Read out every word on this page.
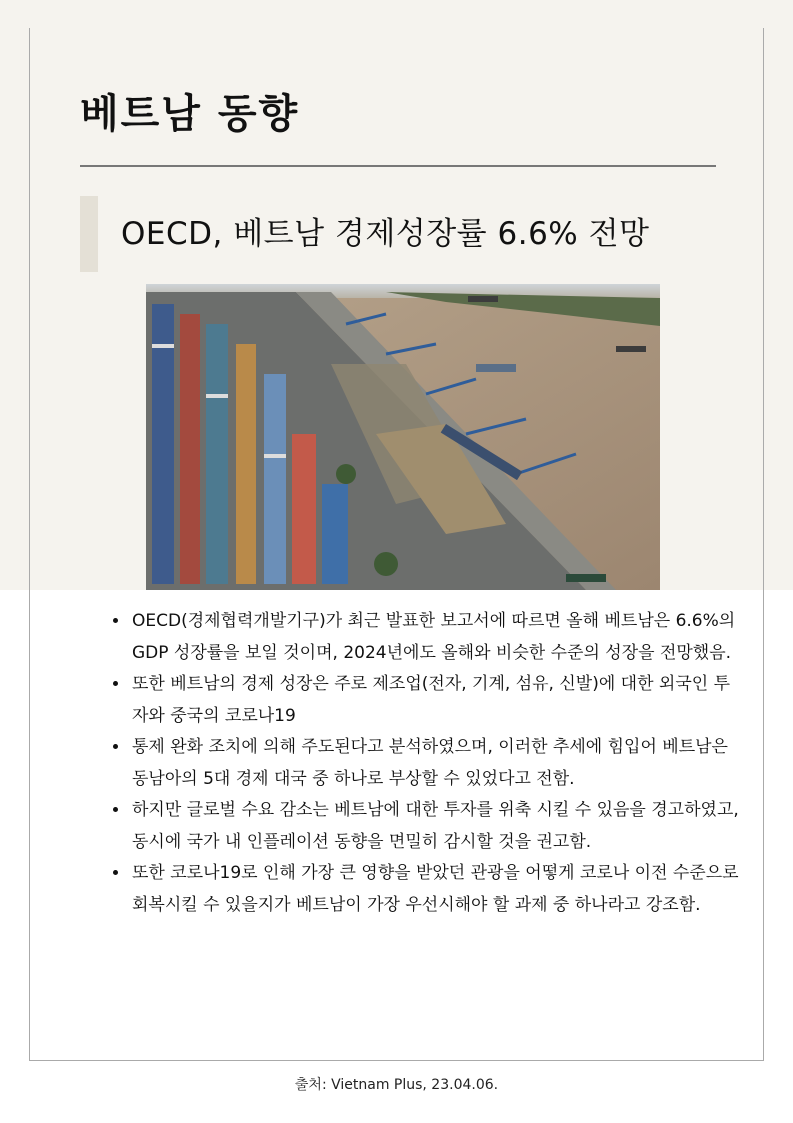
베트남 동향
OECD, 베트남 경제성장률 6.6% 전망
• OECD(경제협력개발기구)가 최근 발표한 보고서에 따르면 올해 베트남은 6.6%의 GDP 성장률을 보일 것이며, 2024년에도 올해와 비슷한 수준의 성장을 전망했음.
• 또한 베트남의 경제 성장은 주로 제조업(전자, 기계, 섬유, 신발)에 대한 외국인 투자와 중국의 코로나19
• 통제 완화 조치에 의해 주도된다고 분석하였으며, 이러한 추세에 힘입어 베트남은 동남아의 5대 경제 대국 중 하나로 부상할 수 있었다고 전함.
• 하지만 글로벌 수요 감소는 베트남에 대한 투자를 위축 시킬 수 있음을 경고하였고, 동시에 국가 내 인플레이션 동향을 면밀히 감시할 것을 권고함.
• 또한 코로나19로 인해 가장 큰 영향을 받았던 관광을 어떻게 코로나 이전 수준으로 회복시킬 수 있을지가 베트남이 가장 우선시해야 할 과제 중 하나라고 강조함.
출처: Vietnam Plus, 23.04.06.
